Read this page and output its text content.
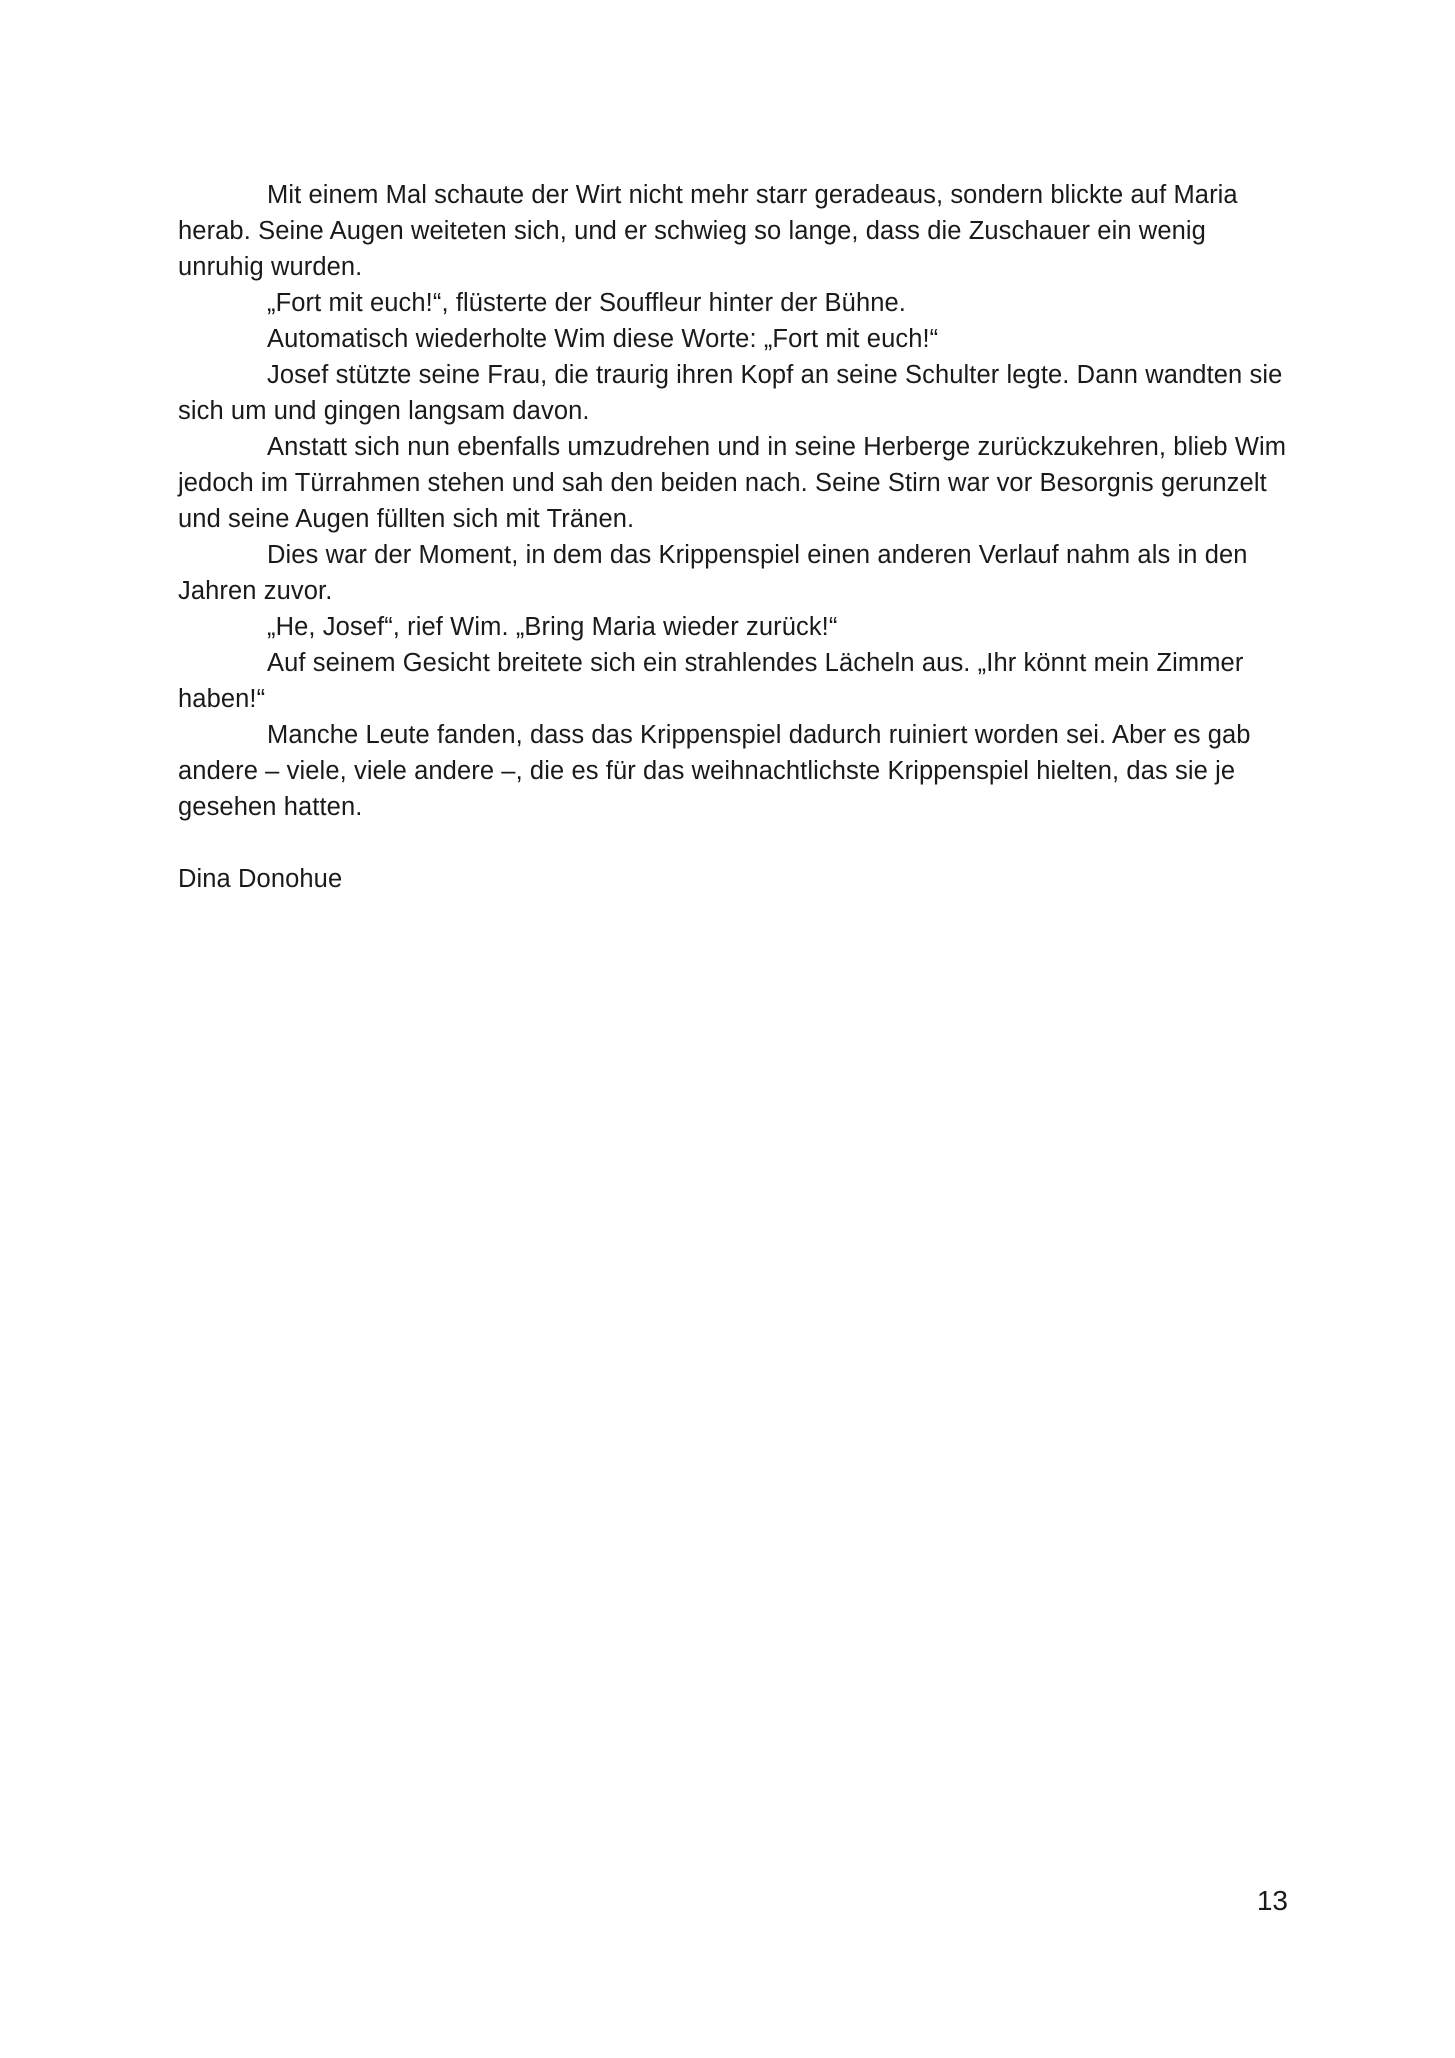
Mit einem Mal schaute der Wirt nicht mehr starr geradeaus, sondern blickte auf Maria herab. Seine Augen weiteten sich, und er schwieg so lange, dass die Zuschauer ein wenig unruhig wurden.

„Fort mit euch!“, flüsterte der Souffleur hinter der Bühne.

Automatisch wiederholte Wim diese Worte: „Fort mit euch!“

Josef stützte seine Frau, die traurig ihren Kopf an seine Schulter legte. Dann wandten sie sich um und gingen langsam davon.

Anstatt sich nun ebenfalls umzudrehen und in seine Herberge zurückzukehren, blieb Wim jedoch im Türrahmen stehen und sah den beiden nach. Seine Stirn war vor Besorgnis gerunzelt und seine Augen füllten sich mit Tränen.

Dies war der Moment, in dem das Krippenspiel einen anderen Verlauf nahm als in den Jahren zuvor.

„He, Josef“, rief Wim. „Bring Maria wieder zurück!“

Auf seinem Gesicht breitete sich ein strahlendes Lächeln aus. „Ihr könnt mein Zimmer haben!“

Manche Leute fanden, dass das Krippenspiel dadurch ruiniert worden sei. Aber es gab andere – viele, viele andere –, die es für das weihnachtlichste Krippenspiel hielten, das sie je gesehen hatten.

Dina Donohue

13
